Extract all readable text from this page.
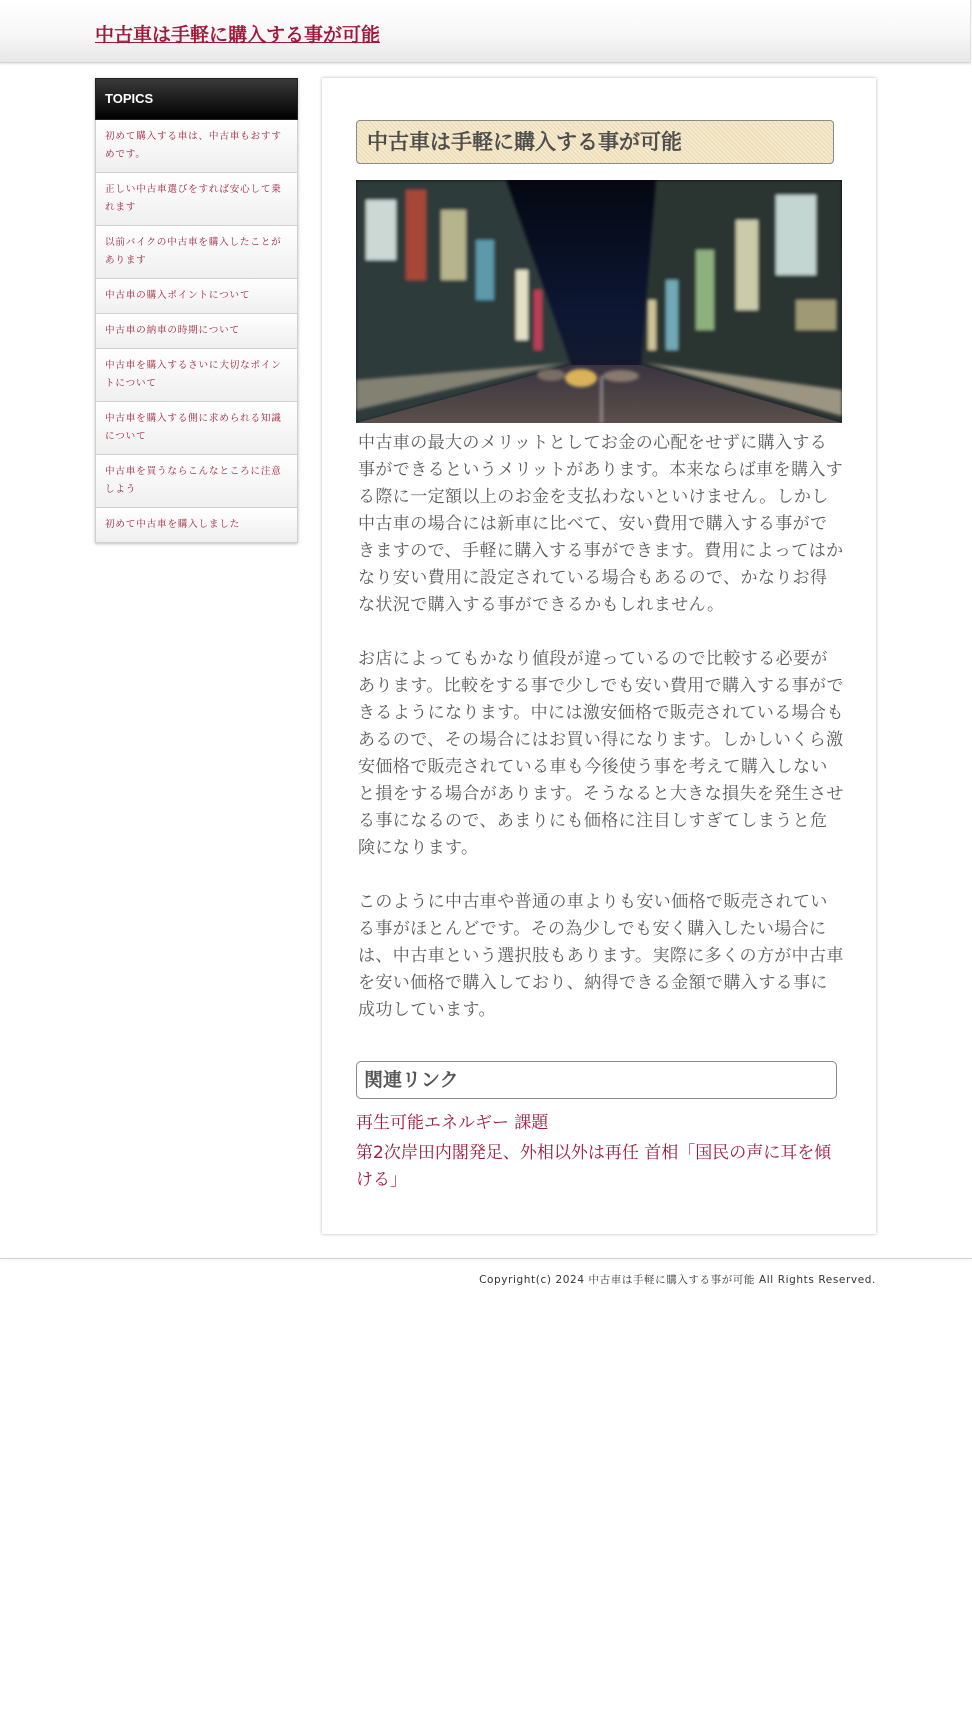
中古車は手軽に購入する事が可能
TOPICS
初めて購入する車は、中古車もおすすめです。
正しい中古車選びをすれば安心して乗れます
以前バイクの中古車を購入したことがあります
中古車の購入ポイントについて
中古車の納車の時期について
中古車を購入するさいに大切なポイントについて
中古車を購入する側に求められる知識について
中古車を買うならこんなところに注意しよう
初めて中古車を購入しました
中古車は手軽に購入する事が可能

中古車の最大のメリットとしてお金の心配をせずに購入する事ができるというメリットがあります。本来ならば車を購入する際に一定額以上のお金を支払わないといけません。しかし中古車の場合には新車に比べて、安い費用で購入する事ができますので、手軽に購入する事ができます。費用によってはかなり安い費用に設定されている場合もあるので、かなりお得な状況で購入する事ができるかもしれません。

お店によってもかなり値段が違っているので比較する必要があります。比較をする事で少しでも安い費用で購入する事ができるようになります。中には激安価格で販売されている場合もあるので、その場合にはお買い得になります。しかしいくら激安価格で販売されている車も今後使う事を考えて購入しないと損をする場合があります。そうなると大きな損失を発生させる事になるので、あまりにも価格に注目しすぎてしまうと危険になります。

このように中古車や普通の車よりも安い価格で販売されている事がほとんどです。その為少しでも安く購入したい場合には、中古車という選択肢もあります。実際に多くの方が中古車を安い価格で購入しており、納得できる金額で購入する事に成功しています。

関連リンク
再生可能エネルギー 課題
第2次岸田内閣発足、外相以外は再任 首相「国民の声に耳を傾ける」
Copyright(c) 2024 中古車は手軽に購入する事が可能 All Rights Reserved.
